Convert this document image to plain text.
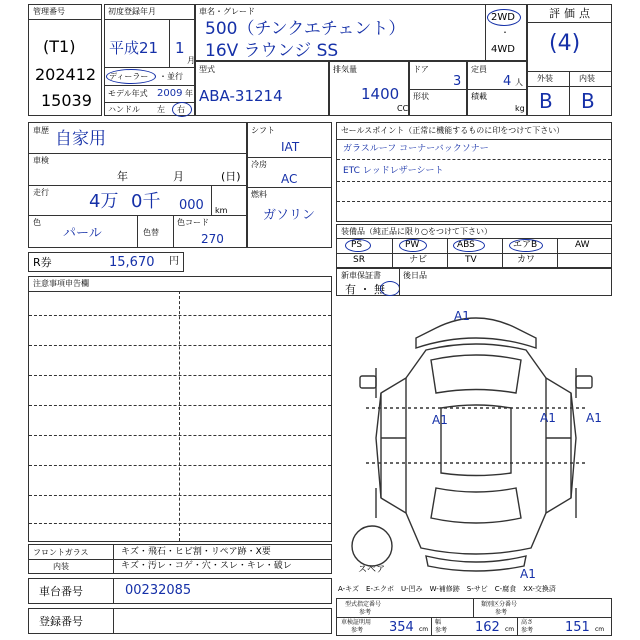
管理番号
(T1)
202412
15039
初度登録年月
平成21 1
月
ディーラー ・並行
モデル年式 2009 年
ハンドル 左 右
車名・グレード
500（チンクエチェント）
16V ラウンジ SS
2WD
・
4WD
型式
ABA-31214
排気量
1400
CC
ドア
3
形状
定員
4 人
積載
kg
評価点
(4)
外装	内装
B B
車歴 自家用
車検
年	月	(日)
走行 4万 0千 000 km
色
パール	色替
色コード
270
シフト
IAT
冷房
AC
燃料
ガソリン
R券	15,670 円
セールスポイント（正常に機能するものに印をつけて下さい）
ガラスルーフ コーナーバックソナー
ETC レッドレザーシート
装備品（純正品に限り○をつけて下さい）
PS	PW	ABS	エアB	AW
SR	ナビ	TV	カワ
新車保証書
有 ・ 無
後日品
注意事項申告欄
A1
A1	A1	A1
A1
スペア
A-キズ　E-エクボ　U-凹み　W-補修跡　S-サビ　C-腐食　XX-交換済
フロントガラス	キズ・飛石・ヒビ割・リペア跡・X要
内装	キズ・汚レ・コゲ・穴・スレ・キレ・破レ
車台番号	00232085
登録番号
型式指定番号
参考
類別区分番号
参考
車検証明用
参考 354 cm
幅
参考 162 cm
高さ
参考 151 cm
